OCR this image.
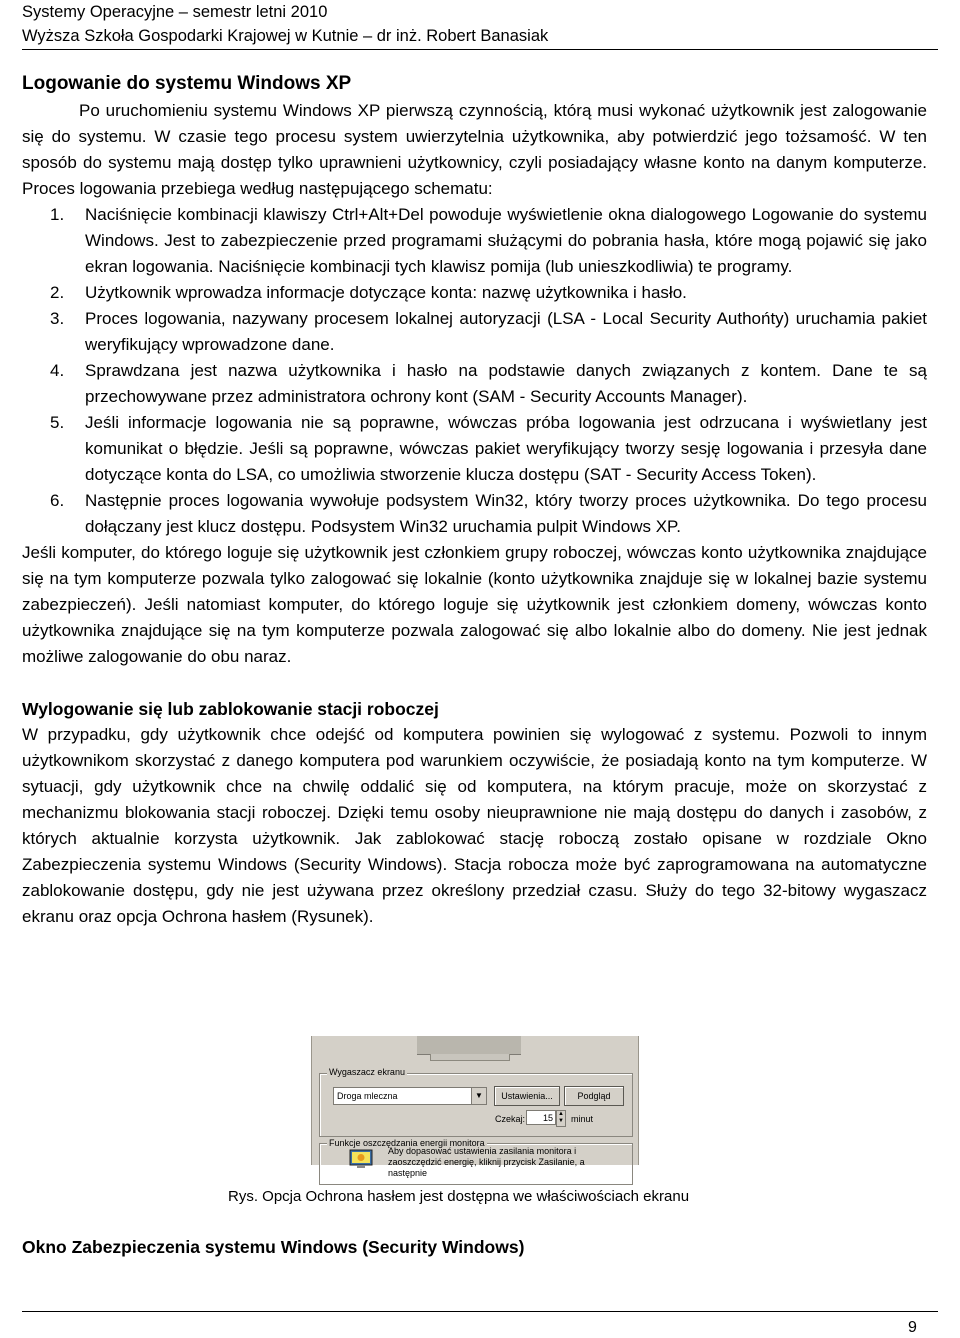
Systemy Operacyjne – semestr letni 2010
Wyższa Szkoła Gospodarki Krajowej w Kutnie – dr inż. Robert Banasiak
Logowanie do systemu Windows XP

Po uruchomieniu systemu Windows XP pierwszą czynnością, którą musi wykonać użytkownik jest zalogowanie się do systemu. W czasie tego procesu system uwierzytelnia użytkownika, aby potwierdzić jego tożsamość. W ten sposób do systemu mają dostęp tylko uprawnieni użytkownicy, czyli posiadający własne konto na danym komputerze. Proces logowania przebiega według następującego schematu:

1. Naciśnięcie kombinacji klawiszy Ctrl+Alt+Del powoduje wyświetlenie okna dialogowego Logowanie do systemu Windows. Jest to zabezpieczenie przed programami służącymi do pobrania hasła, które mogą pojawić się jako ekran logowania. Naciśnięcie kombinacji tych klawisz pomija (lub unieszkodliwia) te programy.
2. Użytkownik wprowadza informacje dotyczące konta: nazwę użytkownika i hasło.
3. Proces logowania, nazywany procesem lokalnej autoryzacji (LSA - Local Security Authońty) uruchamia pakiet weryfikujący wprowadzone dane.
4. Sprawdzana jest nazwa użytkownika i hasło na podstawie danych związanych z kontem. Dane te są przechowywane przez administratora ochrony kont (SAM - Security Accounts Manager).
5. Jeśli informacje logowania nie są poprawne, wówczas próba logowania jest odrzucana i wyświetlany jest komunikat o błędzie. Jeśli są poprawne, wówczas pakiet weryfikujący tworzy sesję logowania i przesyła dane dotyczące konta do LSA, co umożliwia stworzenie klucza dostępu (SAT - Security Access Token).
6. Następnie proces logowania wywołuje podsystem Win32, który tworzy proces użytkownika. Do tego procesu dołączany jest klucz dostępu. Podsystem Win32 uruchamia pulpit Windows XP.

Jeśli komputer, do którego loguje się użytkownik jest członkiem grupy roboczej, wówczas konto użytkownika znajdujące się na tym komputerze pozwala tylko zalogować się lokalnie (konto użytkownika znajduje się w lokalnej bazie systemu zabezpieczeń). Jeśli natomiast komputer, do którego loguje się użytkownik jest członkiem domeny, wówczas konto użytkownika znajdujące się na tym komputerze pozwala zalogować się albo lokalnie albo do domeny. Nie jest jednak możliwe zalogowanie do obu naraz.

Wylogowanie się lub zablokowanie stacji roboczej

W przypadku, gdy użytkownik chce odejść od komputera powinien się wylogować z systemu. Pozwoli to innym użytkownikom skorzystać z danego komputera pod warunkiem oczywiście, że posiadają konto na tym komputerze. W sytuacji, gdy użytkownik chce na chwilę oddalić się od komputera, na którym pracuje, może on skorzystać z mechanizmu blokowania stacji roboczej. Dzięki temu osoby nieuprawnione nie mają dostępu do danych i zasobów, z których aktualnie korzysta użytkownik. Jak zablokować stację roboczą zostało opisane w rozdziale Okno Zabezpieczenia systemu Windows (Security Windows). Stacja robocza może być zaprogramowana na automatyczne zablokowanie dostępu, gdy nie jest używana przez określony przedział czasu. Służy do tego 32-bitowy wygaszacz ekranu oraz opcja Ochrona hasłem (Rysunek).

Wygaszacz ekranu
Droga mleczna	▼	Ustawienia...	Podgląd
Czekaj:	15 ▲
▼ minut
Funkcje oszczędzania energii monitora
Aby dopasować ustawienia zasilania monitora i zaoszczędzić energię, kliknij przycisk Zasilanie, a następnie
Rys. Opcja Ochrona hasłem jest dostępna we właściwościach ekranu
Okno Zabezpieczenia systemu Windows (Security Windows)
9
